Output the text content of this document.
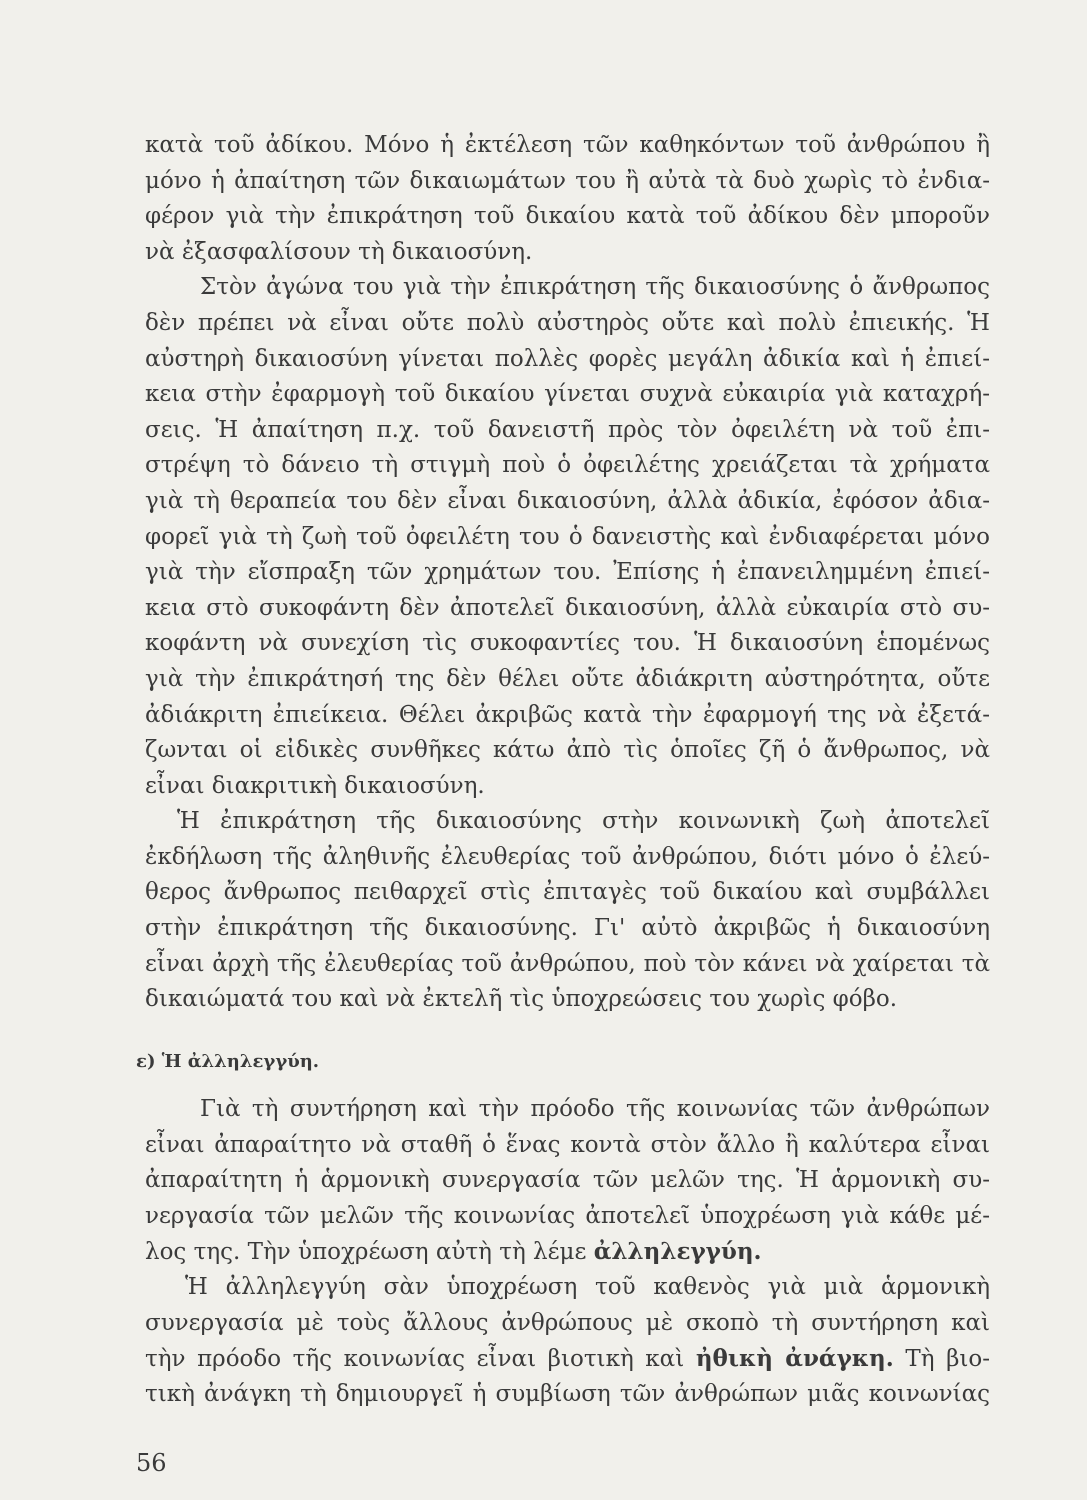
κατὰ τοῦ ἀδίκου. Μόνο ἡ ἐκτέλεση τῶν καθηκόντων τοῦ ἀνθρώπου ἢ
μόνο ἡ ἀπαίτηση τῶν δικαιωμάτων του ἢ αὐτὰ τὰ δυὸ χωρὶς τὸ ἐνδια-
φέρον γιὰ τὴν ἐπικράτηση τοῦ δικαίου κατὰ τοῦ ἀδίκου δὲν μποροῦν
νὰ ἐξασφαλίσουν τὴ δικαιοσύνη.
Στὸν ἀγώνα του γιὰ τὴν ἐπικράτηση τῆς δικαιοσύνης ὁ ἄνθρωπος
δὲν πρέπει νὰ εἶναι οὔτε πολὺ αὐστηρὸς οὔτε καὶ πολὺ ἐπιεικής. Ἡ
αὐστηρὴ δικαιοσύνη γίνεται πολλὲς φορὲς μεγάλη ἀδικία καὶ ἡ ἐπιεί-
κεια στὴν ἐφαρμογὴ τοῦ δικαίου γίνεται συχνὰ εὐκαιρία γιὰ καταχρή-
σεις. Ἡ ἀπαίτηση π.χ. τοῦ δανειστῆ πρὸς τὸν ὀφειλέτη νὰ τοῦ ἐπι-
στρέψη τὸ δάνειο τὴ στιγμὴ ποὺ ὁ ὀφειλέτης χρειάζεται τὰ χρήματα
γιὰ τὴ θεραπεία του δὲν εἶναι δικαιοσύνη, ἀλλὰ ἀδικία, ἐφόσον ἀδια-
φορεῖ γιὰ τὴ ζωὴ τοῦ ὀφειλέτη του ὁ δανειστὴς καὶ ἐνδιαφέρεται μόνο
γιὰ τὴν εἴσπραξη τῶν χρημάτων του. Ἐπίσης ἡ ἐπανειλημμένη ἐπιεί-
κεια στὸ συκοφάντη δὲν ἀποτελεῖ δικαιοσύνη, ἀλλὰ εὐκαιρία στὸ συ-
κοφάντη νὰ συνεχίση τὶς συκοφαντίες του. Ἡ δικαιοσύνη ἑπομένως
γιὰ τὴν ἐπικράτησή της δὲν θέλει οὔτε ἀδιάκριτη αὐστηρότητα, οὔτε
ἀδιάκριτη ἐπιείκεια. Θέλει ἀκριβῶς κατὰ τὴν ἐφαρμογή της νὰ ἐξετά-
ζωνται οἱ εἰδικὲς συνθῆκες κάτω ἀπὸ τὶς ὁποῖες ζῆ ὁ ἄνθρωπος, νὰ
εἶναι διακριτικὴ δικαιοσύνη.
Ἡ ἐπικράτηση τῆς δικαιοσύνης στὴν κοινωνικὴ ζωὴ ἀποτελεῖ
ἐκδήλωση τῆς ἀληθινῆς ἐλευθερίας τοῦ ἀνθρώπου, διότι μόνο ὁ ἐλεύ-
θερος ἄνθρωπος πειθαρχεῖ στὶς ἐπιταγὲς τοῦ δικαίου καὶ συμβάλλει
στὴν ἐπικράτηση τῆς δικαιοσύνης. Γι' αὐτὸ ἀκριβῶς ἡ δικαιοσύνη
εἶναι ἀρχὴ τῆς ἐλευθερίας τοῦ ἀνθρώπου, ποὺ τὸν κάνει νὰ χαίρεται τὰ
δικαιώματά του καὶ νὰ ἐκτελῆ τὶς ὑποχρεώσεις του χωρὶς φόβο.
ε) Ἡ ἀλληλεγγύη.
Γιὰ τὴ συντήρηση καὶ τὴν πρόοδο τῆς κοινωνίας τῶν ἀνθρώπων
εἶναι ἀπαραίτητο νὰ σταθῆ ὁ ἕνας κοντὰ στὸν ἄλλο ἢ καλύτερα εἶναι
ἀπαραίτητη ἡ ἁρμονικὴ συνεργασία τῶν μελῶν της. Ἡ ἁρμονικὴ συ-
νεργασία τῶν μελῶν τῆς κοινωνίας ἀποτελεῖ ὑποχρέωση γιὰ κάθε μέ-
λος της. Τὴν ὑποχρέωση αὐτὴ τὴ λέμε ἀλληλεγγύη.
Ἡ ἀλληλεγγύη σὰν ὑποχρέωση τοῦ καθενὸς γιὰ μιὰ ἁρμονικὴ
συνεργασία μὲ τοὺς ἄλλους ἀνθρώπους μὲ σκοπὸ τὴ συντήρηση καὶ
τὴν πρόοδο τῆς κοινωνίας εἶναι βιοτικὴ καὶ ἠθικὴ ἀνάγκη. Τὴ βιο-
τικὴ ἀνάγκη τὴ δημιουργεῖ ἡ συμβίωση τῶν ἀνθρώπων μιᾶς κοινωνίας
56
